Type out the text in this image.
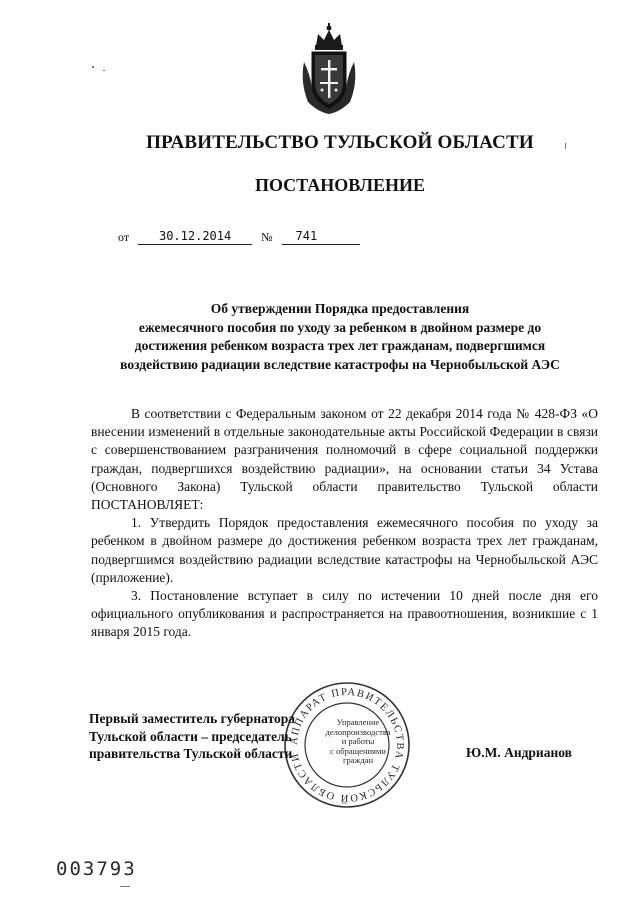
ПРАВИТЕЛЬСТВО ТУЛЬСКОЙ ОБЛАСТИ
ПОСТАНОВЛЕНИЕ
от 30.12.2014 № 741
Об утверждении Порядка предоставления
ежемесячного пособия по уходу за ребенком в двойном размере до
достижения ребенком возраста трех лет гражданам, подвергшимся
воздействию радиации вследствие катастрофы на Чернобыльской АЭС

В соответствии с Федеральным законом от 22 декабря 2014 года № 428-ФЗ «О внесении изменений в отдельные законодательные акты Российской Федерации в связи с совершенствованием разграничения полномочий в сфере социальной поддержки граждан, подвергшихся воздействию радиации», на основании статьи 34 Устава (Основного Закона) Тульской области правительство Тульской области ПОСТАНОВЛЯЕТ:

1. Утвердить Порядок предоставления ежемесячного пособия по уходу за ребенком в двойном размере до достижения ребенком возраста трех лет гражданам, подвергшимся воздействию радиации вследствие катастрофы на Чернобыльской АЭС (приложение).

3. Постановление вступает в силу по истечении 10 дней после дня его официального опубликования и распространяется на правоотношения, возникшие с 1 января 2015 года.

АППАРАТ ПРАВИТЕЛЬСТВА ТУЛЬСКОЙ ОБЛАСТИ
Управление
делопроизводства
и работы
с обращениями
граждан
Первый заместитель губернатора
Тульской области – председатель
правительства Тульской области	Ю.М. Андрианов
003793
